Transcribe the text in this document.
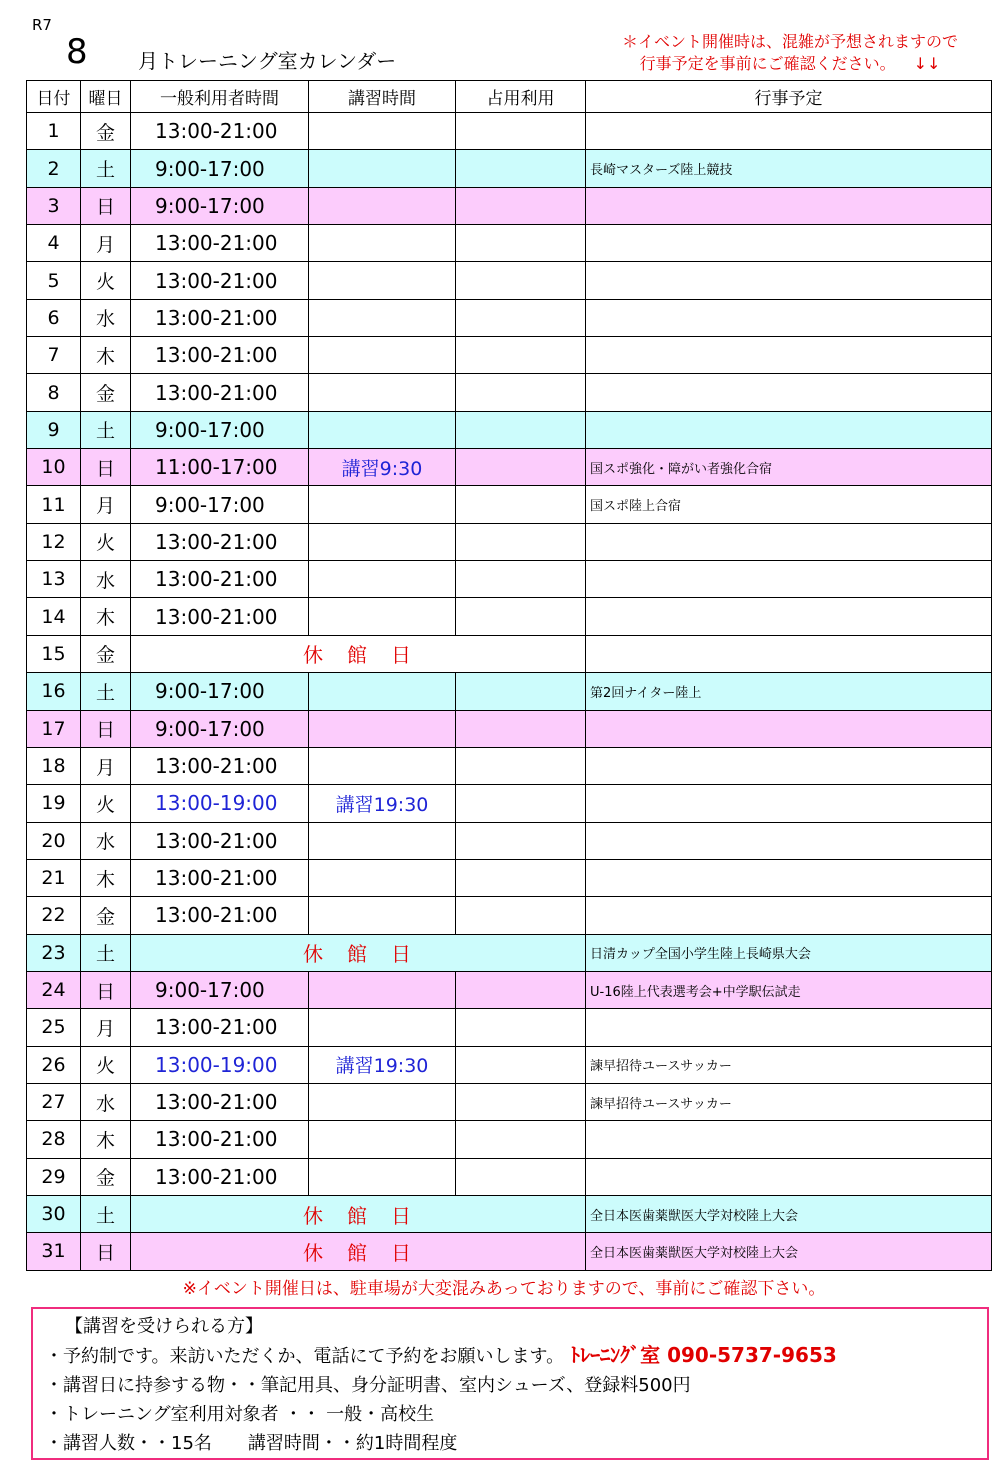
R7
8	月トレーニング室カレンダー
＊イベント開催時は、混雑が予想されますので
行事予定を事前にご確認ください。 ↓↓
日付	曜日	一般利用者時間	講習時間	占用利用	行事予定
1	金	13:00-21:00			
2	土	9:00-17:00			長崎マスターズ陸上競技
3	日	9:00-17:00			
4	月	13:00-21:00			
5	火	13:00-21:00			
6	水	13:00-21:00			
7	木	13:00-21:00			
8	金	13:00-21:00			
9	土	9:00-17:00			
10	日	11:00-17:00	講習9:30		国スポ強化・障がい者強化合宿
11	月	9:00-17:00			国スポ陸上合宿
12	火	13:00-21:00			
13	水	13:00-21:00			
14	木	13:00-21:00			
15	金	休　館　日			
16	土	9:00-17:00			第2回ナイター陸上
17	日	9:00-17:00			
18	月	13:00-21:00			
19	火	13:00-19:00	講習19:30		
20	水	13:00-21:00			
21	木	13:00-21:00			
22	金	13:00-21:00			
23	土	休　館　日			日清カップ全国小学生陸上長崎県大会
24	日	9:00-17:00			U-16陸上代表選考会+中学駅伝試走
25	月	13:00-21:00			
26	火	13:00-19:00	講習19:30		諫早招待ユースサッカー
27	水	13:00-21:00			諫早招待ユースサッカー
28	木	13:00-21:00			
29	金	13:00-21:00			
30	土	休　館　日			全日本医歯薬獣医大学対校陸上大会
31	日	休　館　日			全日本医歯薬獣医大学対校陸上大会
※イベント開催日は、駐車場が大変混みあっておりますので、事前にご確認下さい。
【講習を受けられる方】
・予約制です。来訪いただくか、電話にて予約をお願いします。 ﾄﾚｰﾆﾝｸﾞ室 090-5737-9653
・講習日に持参する物・・筆記用具、身分証明書、室内シューズ、登録料500円
・トレーニング室利用対象者 ・・ 一般・高校生
・講習人数・・15名　　講習時間・・約1時間程度
